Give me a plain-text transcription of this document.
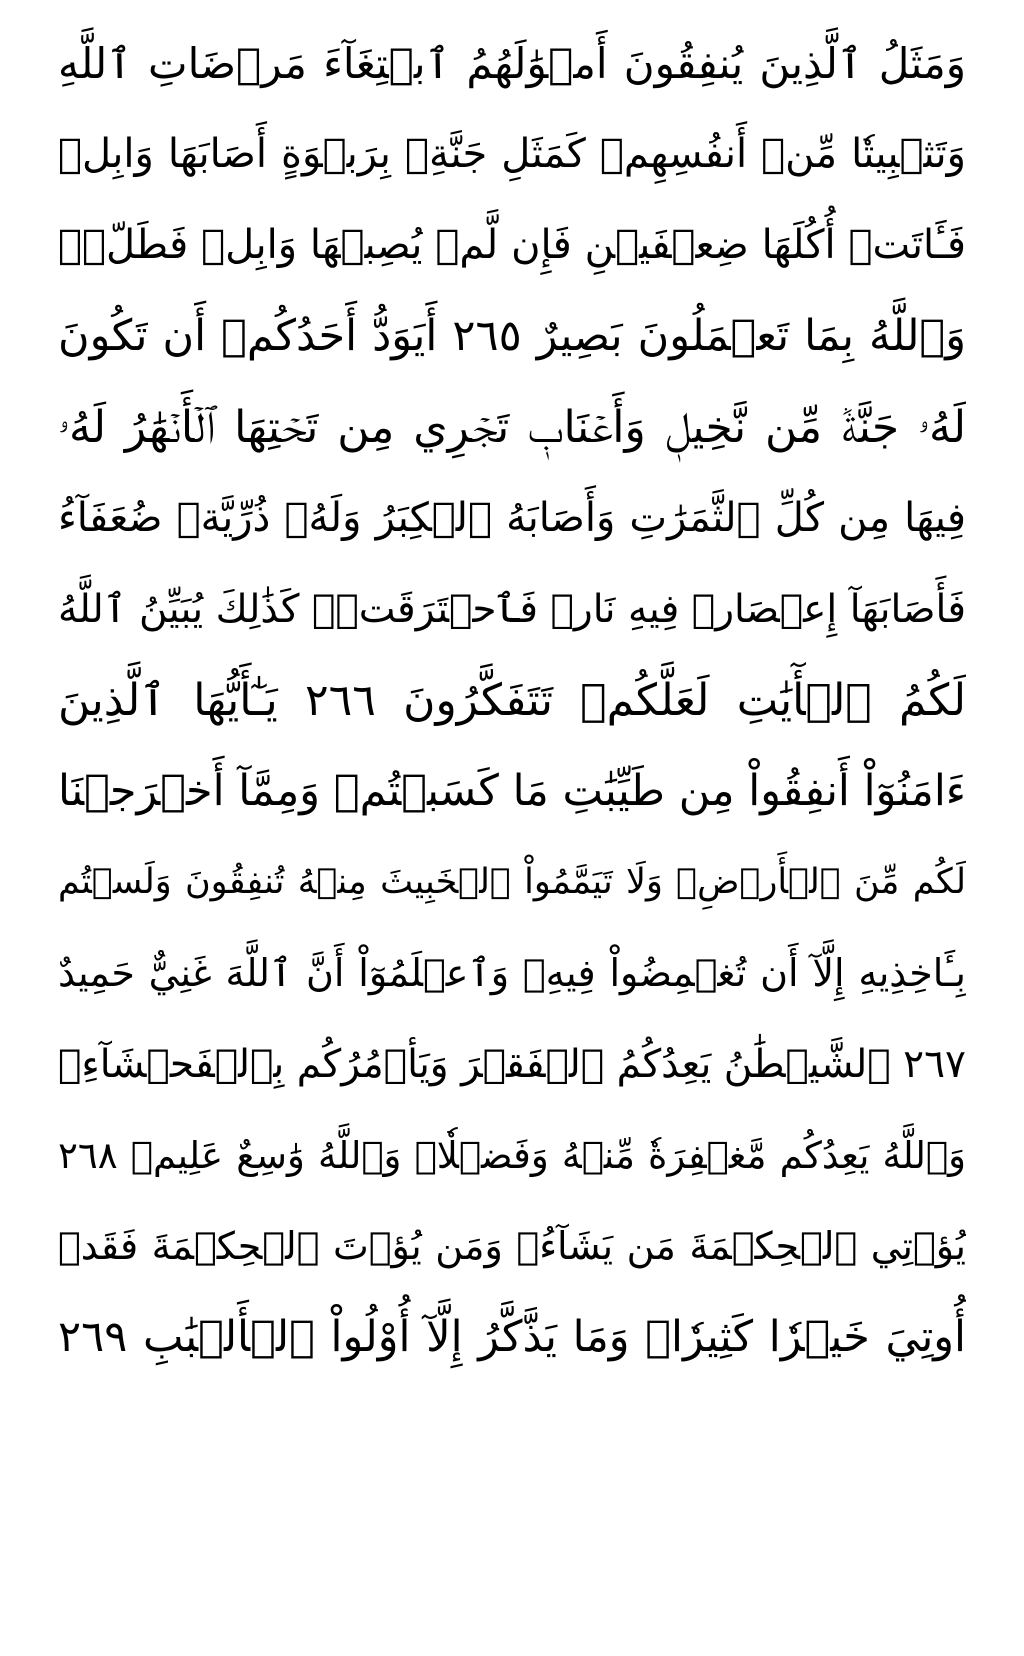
وَمَثَلُ ٱلَّذِينَ يُنفِقُونَ أَمۡوَٰلَهُمُ ٱبۡتِغَآءَ مَرۡضَاتِ ٱللَّهِ
وَتَثۡبِيتٗا مِّنۡ أَنفُسِهِمۡ كَمَثَلِ جَنَّةِۭ بِرَبۡوَةٍ أَصَابَهَا وَابِلٞ
فَـَٔاتَتۡ أُكُلَهَا ضِعۡفَيۡنِ فَإِن لَّمۡ يُصِبۡهَا وَابِلٞ فَطَلّٞۗ
وَٱللَّهُ بِمَا تَعۡمَلُونَ بَصِيرٌ ٢٦٥ أَيَوَدُّ أَحَدُكُمۡ أَن تَكُونَ
لَهُۥ جَنَّةٞ مِّن نَّخِيلٖ وَأَعۡنَابٖ تَجۡرِي مِن تَحۡتِهَا ٱلۡأَنۡهَٰرُ لَهُۥ
فِيهَا مِن كُلِّ ٱلثَّمَرَٰتِ وَأَصَابَهُ ٱلۡكِبَرُ وَلَهُۥ ذُرِّيَّةٞ ضُعَفَآءُ
فَأَصَابَهَآ إِعۡصَارٞ فِيهِ نَارٞ فَٱحۡتَرَقَتۡۗ كَذَٰلِكَ يُبَيِّنُ ٱللَّهُ
لَكُمُ ٱلۡأٓيَٰتِ لَعَلَّكُمۡ تَتَفَكَّرُونَ ٢٦٦ يَـٰٓأَيُّهَا ٱلَّذِينَ
ءَامَنُوٓاْ أَنفِقُواْ مِن طَيِّبَٰتِ مَا كَسَبۡتُمۡ وَمِمَّآ أَخۡرَجۡنَا
لَكُم مِّنَ ٱلۡأَرۡضِۖ وَلَا تَيَمَّمُواْ ٱلۡخَبِيثَ مِنۡهُ تُنفِقُونَ وَلَسۡتُم
بِـَٔاخِذِيهِ إِلَّآ أَن تُغۡمِضُواْ فِيهِۚ وَٱعۡلَمُوٓاْ أَنَّ ٱللَّهَ غَنِيٌّ حَمِيدٌ
٢٦٧ ٱلشَّيۡطَٰنُ يَعِدُكُمُ ٱلۡفَقۡرَ وَيَأۡمُرُكُم بِٱلۡفَحۡشَآءِۖ
وَٱللَّهُ يَعِدُكُم مَّغۡفِرَةٗ مِّنۡهُ وَفَضۡلٗاۗ وَٱللَّهُ وَٰسِعٌ عَلِيمٞ ٢٦٨
يُؤۡتِي ٱلۡحِكۡمَةَ مَن يَشَآءُۚ وَمَن يُؤۡتَ ٱلۡحِكۡمَةَ فَقَدۡ
أُوتِيَ خَيۡرٗا كَثِيرٗاۗ وَمَا يَذَّكَّرُ إِلَّآ أُوْلُواْ ٱلۡأَلۡبَٰبِ ٢٦٩
